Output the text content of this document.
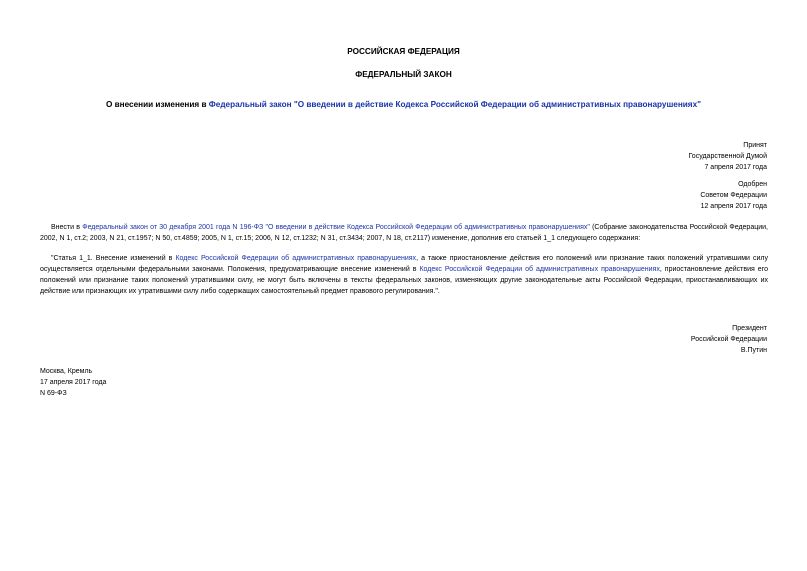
РОССИЙСКАЯ ФЕДЕРАЦИЯ
ФЕДЕРАЛЬНЫЙ ЗАКОН
О внесении изменения в Федеральный закон "О введении в действие Кодекса Российской Федерации об административных правонарушениях"
Принят
Государственной Думой
7 апреля 2017 года
Одобрен
Советом Федерации
12 апреля 2017 года
Внести в Федеральный закон от 30 декабря 2001 года N 196-ФЗ "О введении в действие Кодекса Российской Федерации об административных правонарушениях" (Собрание законодательства Российской Федерации, 2002, N 1, ст.2; 2003, N 21, ст.1957; N 50, ст.4859; 2005, N 1, ст.15; 2006, N 12, ст.1232; N 31, ст.3434; 2007, N 18, ст.2117) изменение, дополнив его статьей 1_1 следующего содержания:
"Статья 1_1. Внесение изменений в Кодекс Российской Федерации об административных правонарушениях, а также приостановление действия его положений или признание таких положений утратившими силу осуществляется отдельными федеральными законами. Положения, предусматривающие внесение изменений в Кодекс Российской Федерации об административных правонарушениях, приостановление действия его положений или признание таких положений утратившими силу, не могут быть включены в тексты федеральных законов, изменяющих другие законодательные акты Российской Федерации, приостанавливающих их действие или признающих их утратившими силу либо содержащих самостоятельный предмет правового регулирования.".
Президент
Российской Федерации
В.Путин
Москва, Кремль
17 апреля 2017 года
N 69-ФЗ
